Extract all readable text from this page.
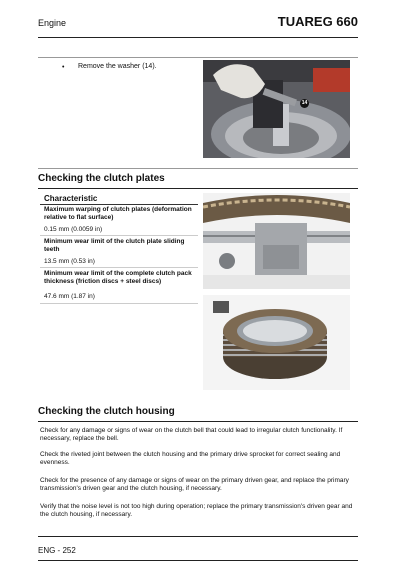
Engine	TUAREG 660
• Remove the washer (14).
14
Checking the clutch plates
Characteristic
Maximum warping of clutch plates (deformation relative to flat surface)
0.15 mm (0.0059 in)
Minimum wear limit of the clutch plate sliding teeth
13.5 mm (0.53 in)
Minimum wear limit of the complete clutch pack thickness (friction discs + steel discs)
47.6 mm (1.87 in)
Checking the clutch housing
Check for any damage or signs of wear on the clutch bell that could lead to irregular clutch functionality. If necessary, replace the bell.
Check the riveted joint between the clutch housing and the primary drive sprocket for correct sealing and evenness.
Check for the presence of any damage or signs of wear on the primary driven gear, and replace the primary transmission's driven gear and the clutch housing, if necessary.
Verify that the noise level is not too high during operation; replace the primary transmission's driven gear and the clutch housing, if necessary.
ENG - 252
